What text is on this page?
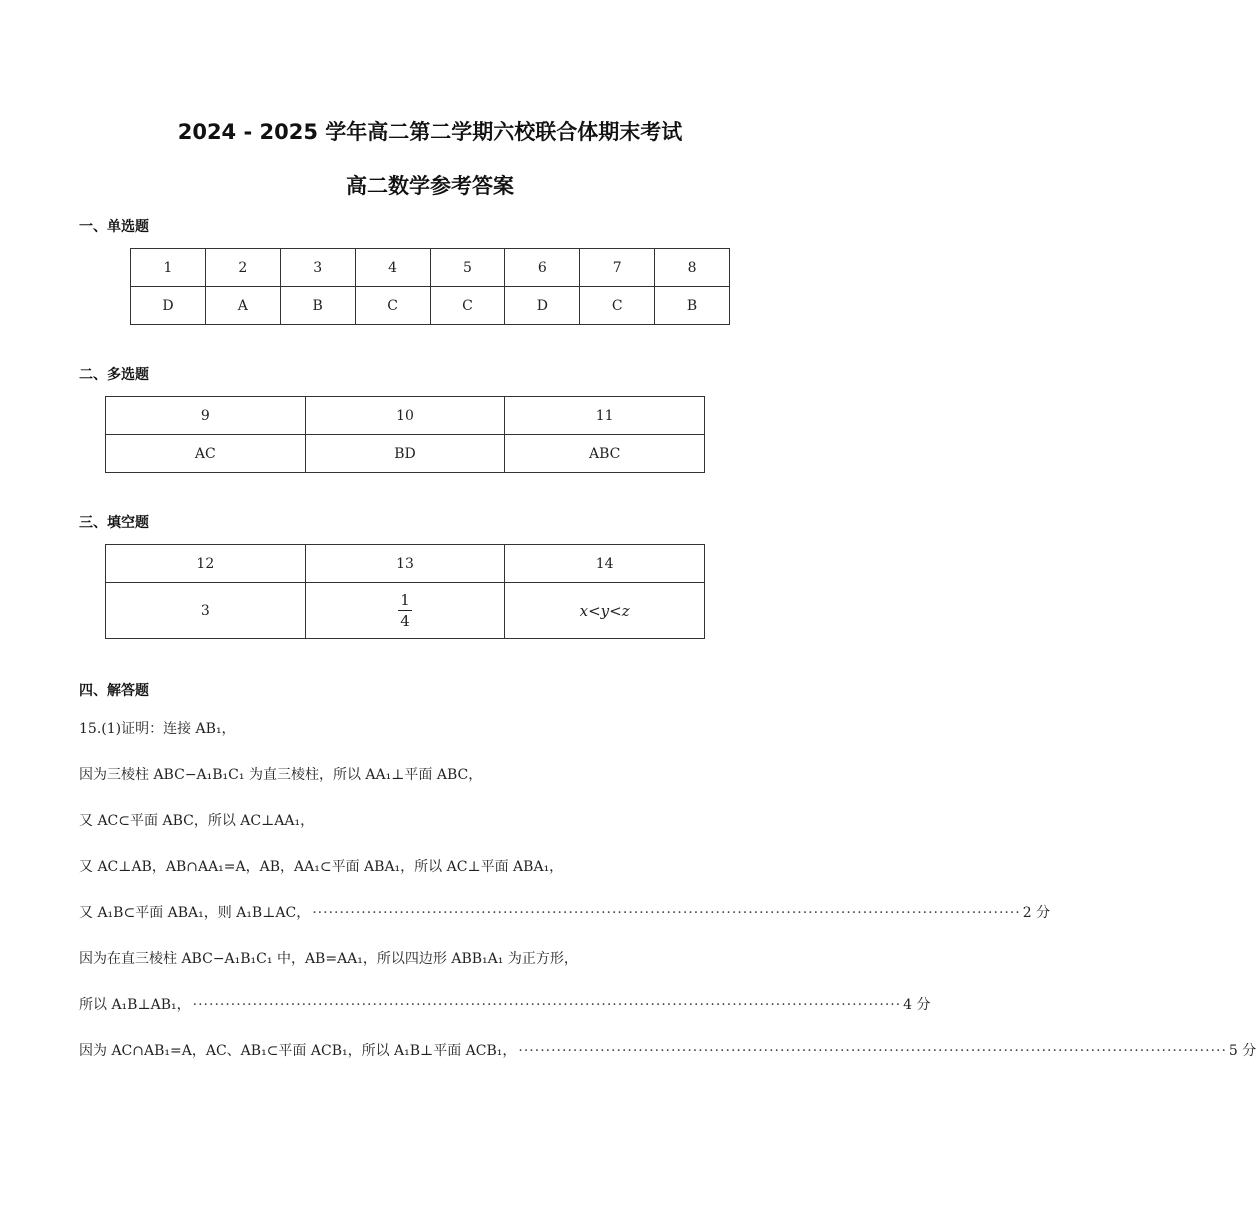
2024 - 2025 学年高二第二学期六校联合体期末考试
高二数学参考答案
一、单选题
1	2	3	4	5	6	7	8
D	A	B	C	C	D	C	B
二、多选题
9	10	11
AC	BD	ABC
三、填空题
12	13	14
3	$\frac{1}{4}$	x<y<z
四、解答题
15.(1)证明：连接 AB₁，
因为三棱柱 ABC−A₁B₁C₁ 为直三棱柱，所以 AA₁⊥平面 ABC，
又 AC⊂平面 ABC，所以 AC⊥AA₁，
又 AC⊥AB，AB∩AA₁=A，AB，AA₁⊂平面 ABA₁，所以 AC⊥平面 ABA₁，
又 A₁B⊂平面 ABA₁，则 A₁B⊥AC， ·································································································································· 2 分
因为在直三棱柱 ABC−A₁B₁C₁ 中，AB=AA₁，所以四边形 ABB₁A₁ 为正方形，
所以 A₁B⊥AB₁， ·································································································································· 4 分
因为 AC∩AB₁=A，AC、AB₁⊂平面 ACB₁，所以 A₁B⊥平面 ACB₁， ·································································································································· 5 分
